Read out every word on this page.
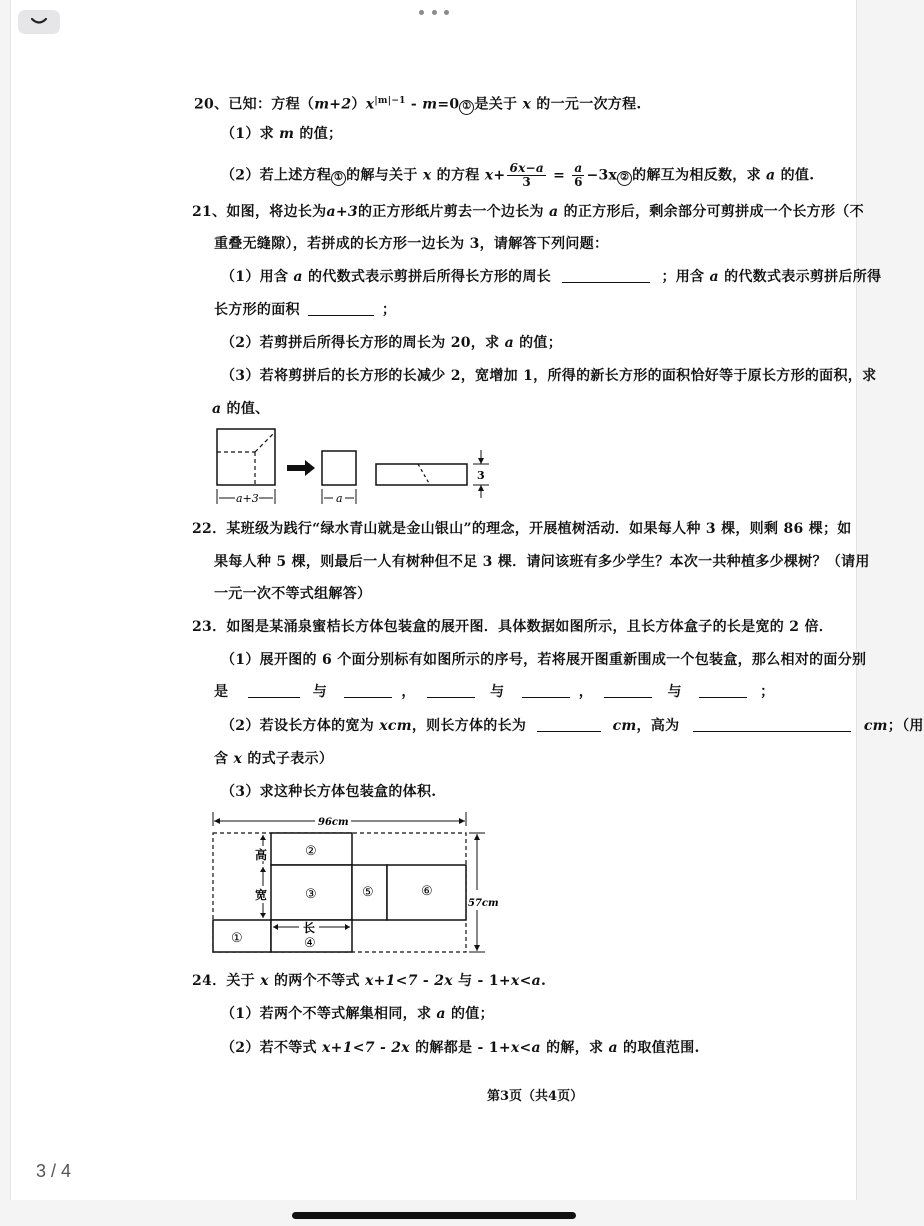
20、已知：方程$(m+2)x^{|m|-1} - m=0$ ① 是关于 x 的一元一次方程.
（1）求 m 的值；
（2）若上述方程 ① 的解与关于 x 的方程 $x+ \frac{6x-a}{3} = \frac{a}{6} -3x$ ② 的解互为相反数，求 a 的值.
21、如图，将边长为a+3的正方形纸片剪去一个边长为 a 的正方形后，剩余部分可剪拼成一个长方形（不
重叠无缝隙），若拼成的长方形一边长为 3，请解答下列问题：
（1）用含 a 的代数式表示剪拼后所得长方形的周长	；用含 a 的代数式表示剪拼后所得
长方形的面积	；
（2）若剪拼后所得长方形的周长为 20，求 a 的值；
（3）若将剪拼后的长方形的长减少 2，宽增加 1，所得的新长方形的面积恰好等于原长方形的面积，求
a 的值、
a+3	a
3
22．某班级为践行“绿水青山就是金山银山”的理念，开展植树活动．如果每人种 3 棵，则剩 86 棵；如
果每人种 5 棵，则最后一人有树种但不足 3 棵．请问该班有多少学生？本次一共种植多少棵树？（请用
一元一次不等式组解答）
23．如图是某涌泉蜜桔长方体包装盒的展开图．具体数据如图所示，且长方体盒子的长是宽的 2 倍．
（1）展开图的 6 个面分别标有如图所示的序号，若将展开图重新围成一个包装盒，那么相对的面分别
是	与	，	与	，	与	；
（2）若设长方体的宽为 xcm，则长方体的长为	cm，高为	cm；（用
含 x 的式子表示）
（3）求这种长方体包装盒的体积.
96cm
②
③	⑤	⑥
①	④
长
高
宽
57cm
24．关于 x 的两个不等式 x+1<7 - 2x 与 - 1+x<a.
（1）若两个不等式解集相同，求 a 的值；
（2）若不等式 x+1<7 - 2x 的解都是 - 1+x<a 的解，求 a 的取值范围.
第3页（共4页）
3 / 4
